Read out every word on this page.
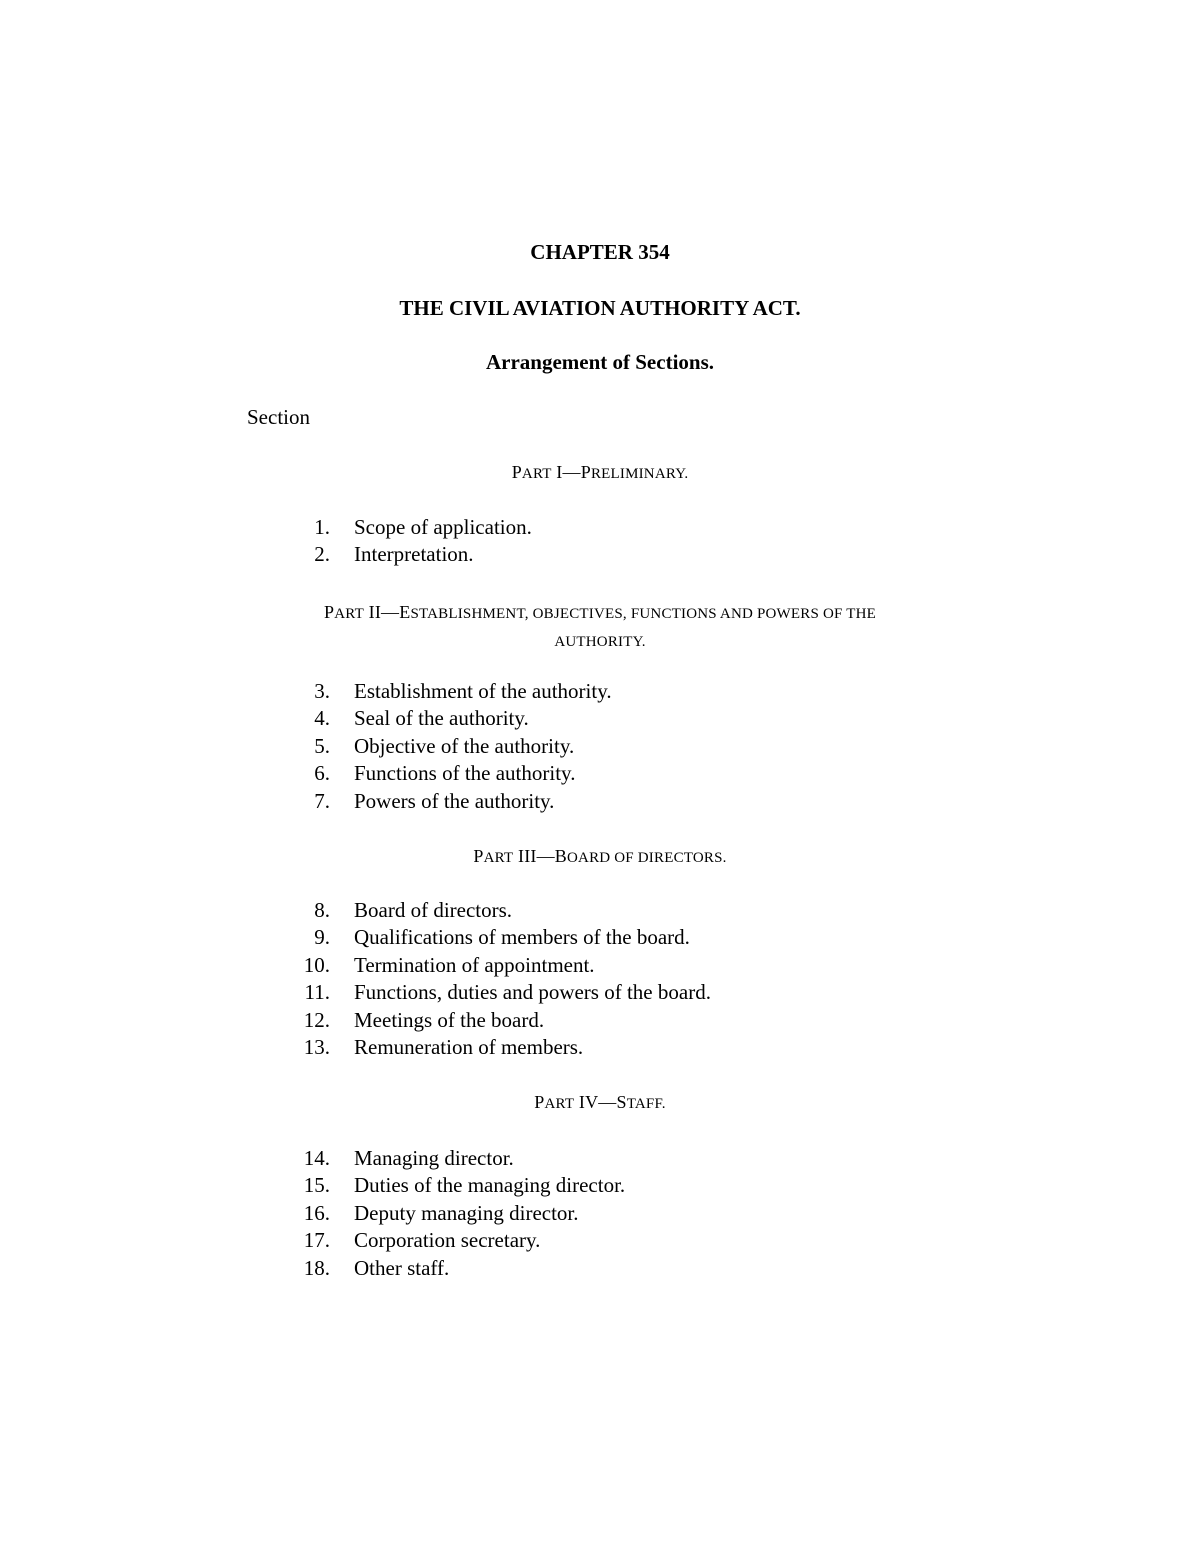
CHAPTER 354
THE CIVIL AVIATION AUTHORITY ACT.
Arrangement of Sections.
Section
PART I—PRELIMINARY.
1. Scope of application.
2. Interpretation.
PART II—ESTABLISHMENT, OBJECTIVES, FUNCTIONS AND POWERS OF THE
AUTHORITY.
3. Establishment of the authority.
4. Seal of the authority.
5. Objective of the authority.
6. Functions of the authority.
7. Powers of the authority.
PART III—BOARD OF DIRECTORS.
8. Board of directors.
9. Qualifications of members of the board.
10. Termination of appointment.
11. Functions, duties and powers of the board.
12. Meetings of the board.
13. Remuneration of members.
PART IV—STAFF.
14. Managing director.
15. Duties of the managing director.
16. Deputy managing director.
17. Corporation secretary.
18. Other staff.
